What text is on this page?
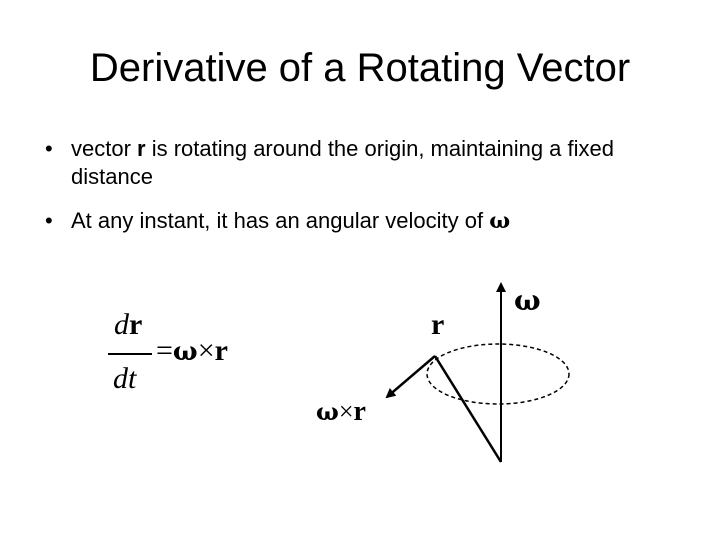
Derivative of a Rotating Vector
• vector r is rotating around the origin, maintaining a fixed distance
• At any instant, it has an angular velocity of ω
dr
dt
=ω×r
r
ω
ω×r
